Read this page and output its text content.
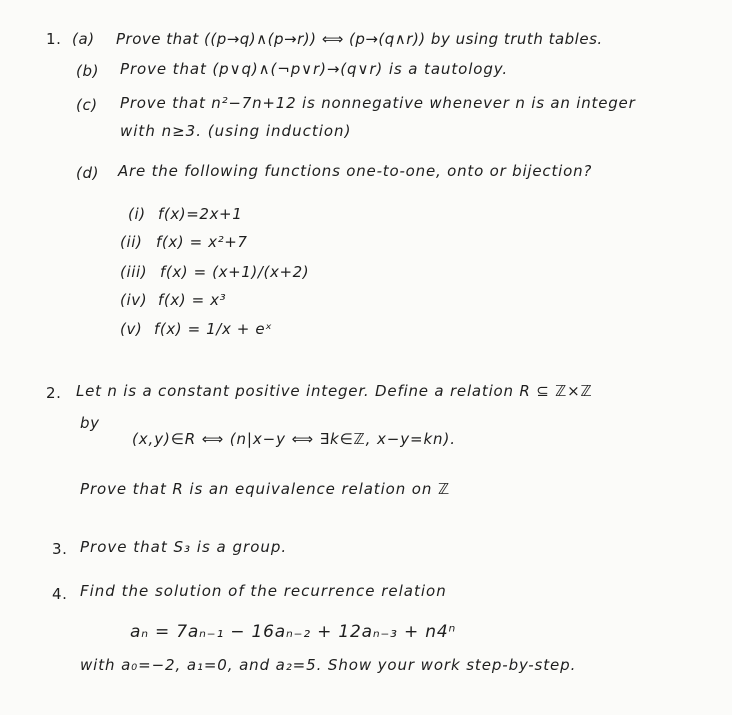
1. (a) Prove that ((p→q)∧(p→r)) ⟺ (p→(q∧r)) by using truth tables.
(b) Prove that (p∨q)∧(¬p∨r)→(q∨r) is a tautology.
(c) Prove that n²−7n+12 is nonnegative whenever n is an integer
with n≥3. (using induction)
(d) Are the following functions one-to-one, onto or bijection?
(i) f(x)=2x+1
(ii) f(x) = x²+7
(iii) f(x) = (x+1)/(x+2)
(iv) f(x) = x³
(v) f(x) = 1/x + eˣ
2. Let n is a constant positive integer. Define a relation R ⊆ ℤ×ℤ
by
(x,y)∈R ⟺ (n|x−y ⟺ ∃k∈ℤ, x−y=kn).
Prove that R is an equivalence relation on ℤ
3. Prove that S₃ is a group.
4. Find the solution of the recurrence relation
aₙ = 7aₙ₋₁ − 16aₙ₋₂ + 12aₙ₋₃ + n4ⁿ
with a₀=−2, a₁=0, and a₂=5. Show your work step-by-step.
